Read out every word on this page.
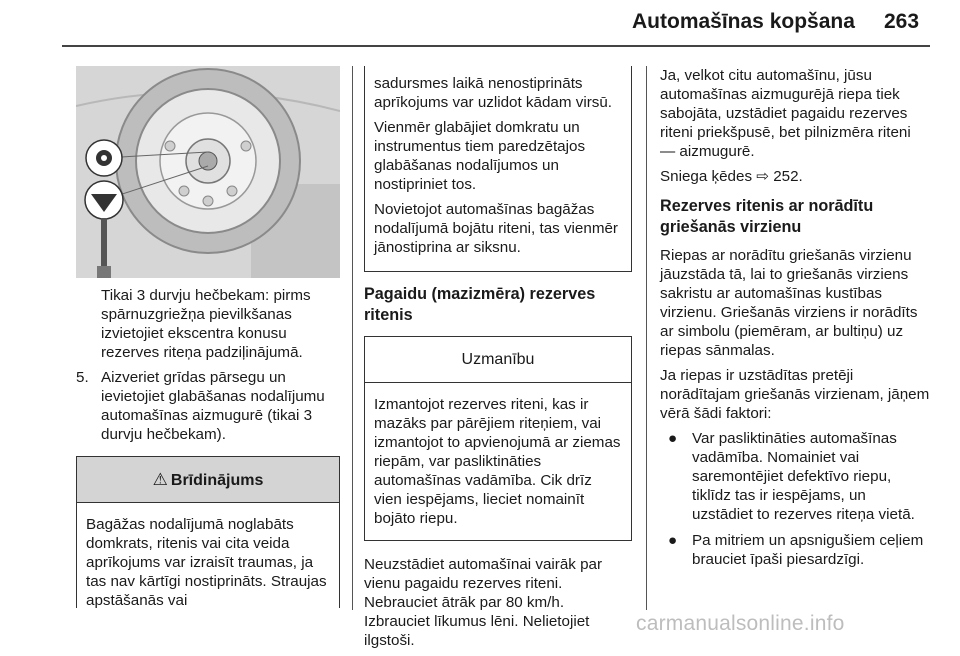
Automašīnas kopšana 263

Tikai 3 durvju hečbekam: pirms spārnuzgriežņa pievilkšanas izvietojiet ekscentra konusu rezerves riteņa padziļinājumā.

5. Aizveriet grīdas pārsegu un ievietojiet glabāšanas nodalījumu automašīnas aizmugurē (tikai 3 durvju hečbekam).
⚠ Brīdinājums

Bagāžas nodalījumā noglabāts domkrats, ritenis vai cita veida aprīkojums var izraisīt traumas, ja tas nav kārtīgi nostiprināts. Straujas apstāšanās vai

sadursmes laikā nenostiprināts aprīkojums var uzlidot kādam virsū.

Vienmēr glabājiet domkratu un instrumentus tiem paredzētajos glabāšanas nodalījumos un nostipriniet tos.

Novietojot automašīnas bagāžas nodalījumā bojātu riteni, tas vienmēr jānostiprina ar siksnu.

Pagaidu (mazizmēra) rezerves ritenis
Uzmanību

Izmantojot rezerves riteni, kas ir mazāks par pārējiem riteņiem, vai izmantojot to apvienojumā ar ziemas riepām, var pasliktināties automašīnas vadāmība. Cik drīz vien iespējams, lieciet nomainīt bojāto riepu.

Neuzstādiet automašīnai vairāk par vienu pagaidu rezerves riteni. Nebrauciet ātrāk par 80 km/h. Izbrauciet līkumus lēni. Nelietojiet ilgstoši.

Ja, velkot citu automašīnu, jūsu automašīnas aizmugurējā riepa tiek sabojāta, uzstādiet pagaidu rezerves riteni priekšpusē, bet pilnizmēra riteni — aizmugurē.

Sniega ķēdes ⇨ 252.

Rezerves ritenis ar norādītu griešanās virzienu

Riepas ar norādītu griešanās virzienu jāuzstāda tā, lai to griešanās virziens sakristu ar automašīnas kustības virzienu. Griešanās virziens ir norādīts ar simbolu (piemēram, ar bultiņu) uz riepas sānmalas.

Ja riepas ir uzstādītas pretēji norādītajam griešanās virzienam, jāņem vērā šādi faktori:

● Var pasliktināties automašīnas vadāmība. Nomainiet vai saremontējiet defektīvo riepu, tiklīdz tas ir iespējams, un uzstādiet to rezerves riteņa vietā.
● Pa mitriem un apsnigušiem ceļiem brauciet īpaši piesardzīgi.
carmanualsonline.info
